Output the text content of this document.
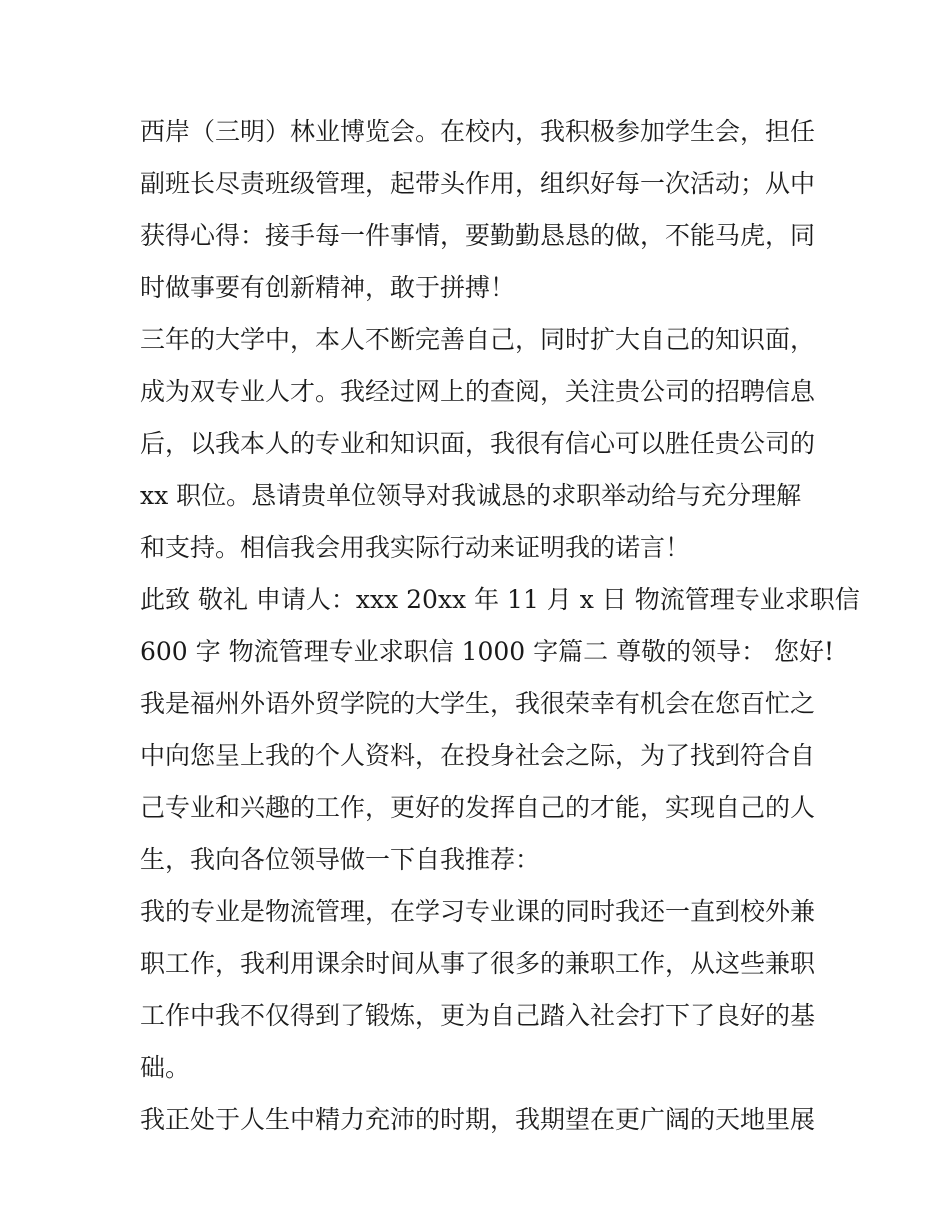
西岸（三明）林业博览会。在校内，我积极参加学生会，担任
副班长尽责班级管理，起带头作用，组织好每一次活动；从中
获得心得：接手每一件事情，要勤勤恳恳的做，不能马虎，同
时做事要有创新精神，敢于拼搏！
三年的大学中，本人不断完善自己，同时扩大自己的知识面，
成为双专业人才。我经过网上的查阅，关注贵公司的招聘信息
后，以我本人的专业和知识面，我很有信心可以胜任贵公司的
xx 职位。恳请贵单位领导对我诚恳的求职举动给与充分理解
和支持。相信我会用我实际行动来证明我的诺言！
此致 敬礼 申请人：xxx 20xx 年 11 月 x 日 物流管理专业求职信
600 字 物流管理专业求职信 1000 字篇二 尊敬的领导： 您好!
我是福州外语外贸学院的大学生，我很荣幸有机会在您百忙之
中向您呈上我的个人资料，在投身社会之际，为了找到符合自
己专业和兴趣的工作，更好的发挥自己的才能，实现自己的人
生，我向各位领导做一下自我推荐：
我的专业是物流管理，在学习专业课的同时我还一直到校外兼
职工作，我利用课余时间从事了很多的兼职工作，从这些兼职
工作中我不仅得到了锻炼，更为自己踏入社会打下了良好的基
础。
我正处于人生中精力充沛的时期，我期望在更广阔的天地里展
